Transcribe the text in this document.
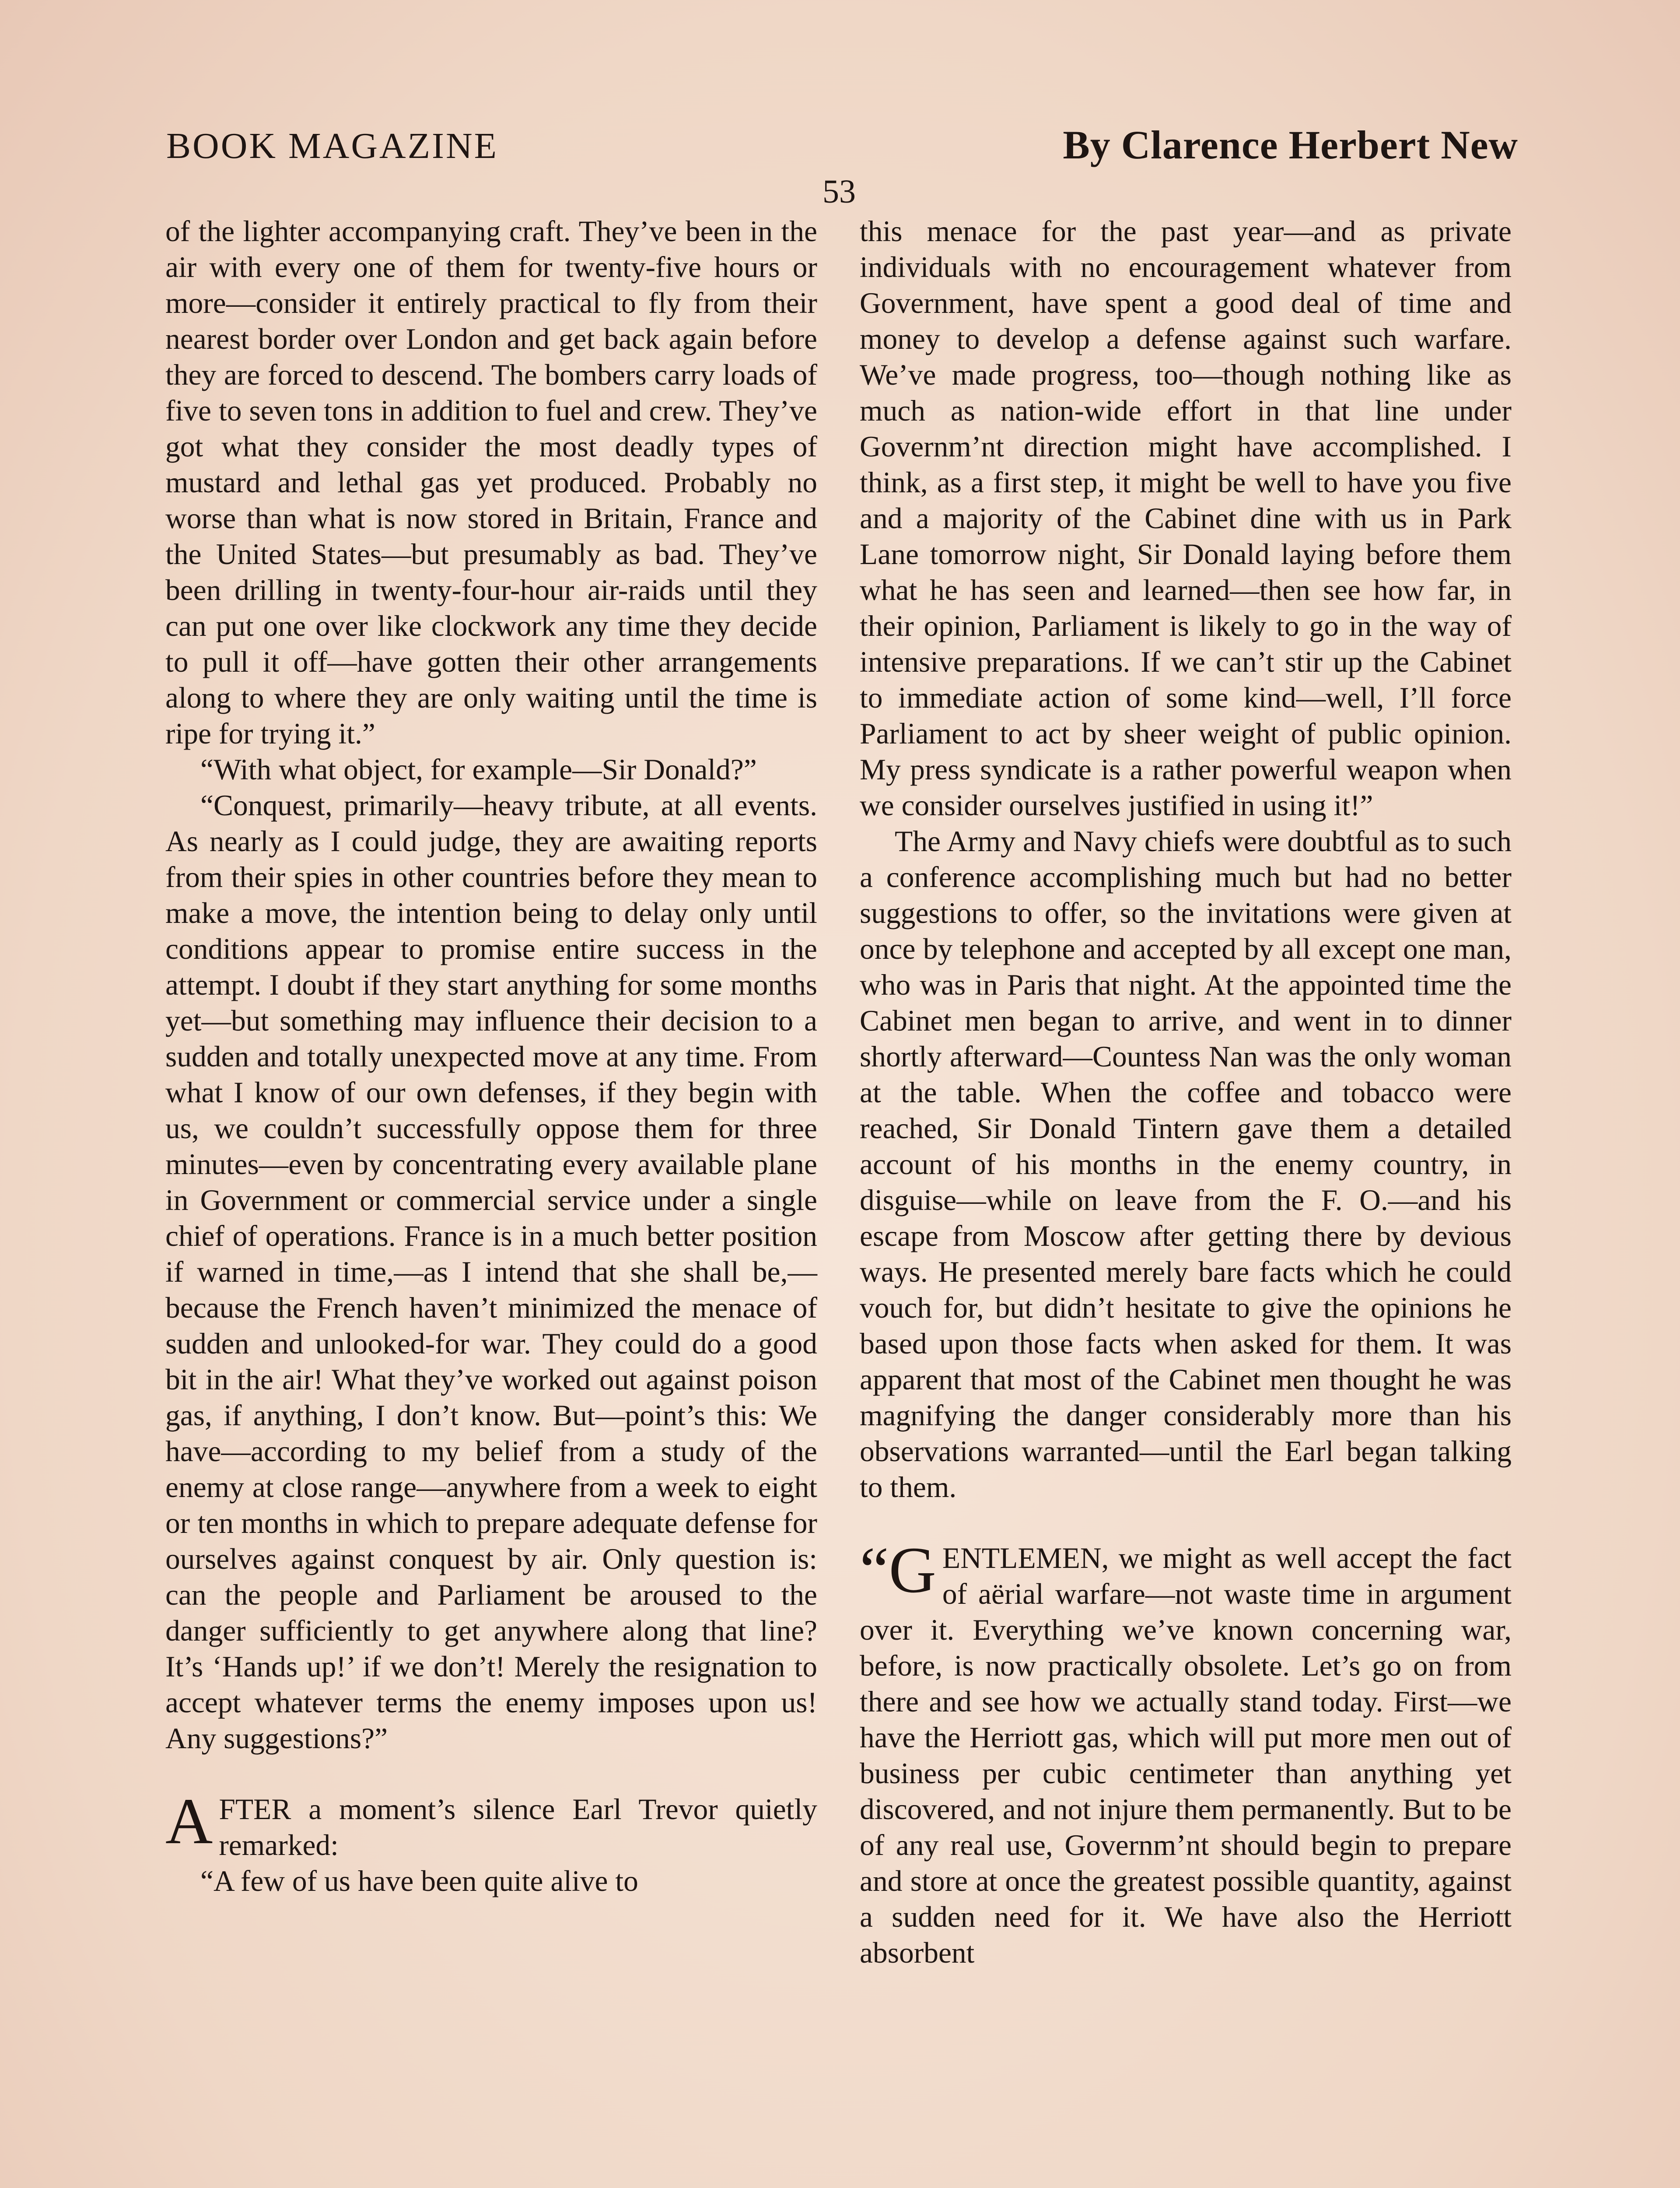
BOOK MAGAZINE	By Clarence Herbert New
53

of the lighter accompanying craft. They’ve been in the air with every one of them for twenty-five hours or more—consider it entirely practical to fly from their nearest border over London and get back again before they are forced to descend. The bombers carry loads of five to seven tons in addition to fuel and crew. They’ve got what they consider the most deadly types of mustard and lethal gas yet produced. Probably no worse than what is now stored in Britain, France and the United States—but presumably as bad. They’ve been drilling in twenty-four-hour air-raids until they can put one over like clockwork any time they decide to pull it off—have gotten their other arrangements along to where they are only waiting until the time is ripe for trying it.”

“With what object, for example—Sir Donald?”

“Conquest, primarily—heavy tribute, at all events. As nearly as I could judge, they are awaiting reports from their spies in other countries before they mean to make a move, the intention being to delay only until conditions appear to promise entire success in the attempt. I doubt if they start anything for some months yet—but something may influence their decision to a sudden and totally unexpected move at any time. From what I know of our own defenses, if they begin with us, we couldn’t successfully oppose them for three minutes—even by concentrating every available plane in Government or commercial service under a single chief of operations. France is in a much better position if warned in time,—as I intend that she shall be,—because the French haven’t minimized the menace of sudden and unlooked-for war. They could do a good bit in the air! What they’ve worked out against poison gas, if anything, I don’t know. But—point’s this: We have—according to my belief from a study of the enemy at close range—anywhere from a week to eight or ten months in which to prepare adequate defense for ourselves against conquest by air. Only question is: can the people and Parliament be aroused to the danger sufficiently to get anywhere along that line? It’s ‘Hands up!’ if we don’t! Merely the resignation to accept whatever terms the enemy imposes upon us! Any suggestions?”

AFTER a moment’s silence Earl Trevor quietly remarked:

“A few of us have been quite alive to

this menace for the past year—and as private individuals with no encouragement whatever from Government, have spent a good deal of time and money to develop a defense against such warfare. We’ve made progress, too—though nothing like as much as nation-wide effort in that line under Governm’nt direction might have accomplished. I think, as a first step, it might be well to have you five and a majority of the Cabinet dine with us in Park Lane tomorrow night, Sir Donald laying before them what he has seen and learned—then see how far, in their opinion, Parliament is likely to go in the way of intensive preparations. If we can’t stir up the Cabinet to immediate action of some kind—well, I’ll force Parliament to act by sheer weight of public opinion. My press syndicate is a rather powerful weapon when we consider ourselves justified in using it!”

The Army and Navy chiefs were doubtful as to such a conference accomplishing much but had no better suggestions to offer, so the invitations were given at once by telephone and accepted by all except one man, who was in Paris that night. At the appointed time the Cabinet men began to arrive, and went in to dinner shortly afterward—Countess Nan was the only woman at the table. When the coffee and tobacco were reached, Sir Donald Tintern gave them a detailed account of his months in the enemy country, in disguise—while on leave from the F. O.—and his escape from Moscow after getting there by devious ways. He presented merely bare facts which he could vouch for, but didn’t hesitate to give the opinions he based upon those facts when asked for them. It was apparent that most of the Cabinet men thought he was magnifying the danger considerably more than his observations warranted—until the Earl began talking to them.

“G ENTLEMEN, we might as well accept the fact of aërial warfare—not waste time in argument over it. Everything we’ve known concerning war, before, is now practically obsolete. Let’s go on from there and see how we actually stand today. First—we have the Herriott gas, which will put more men out of business per cubic centimeter than anything yet discovered, and not injure them permanently. But to be of any real use, Governm’nt should begin to prepare and store at once the greatest possible quantity, against a sudden need for it. We have also the Herriott absorbent
